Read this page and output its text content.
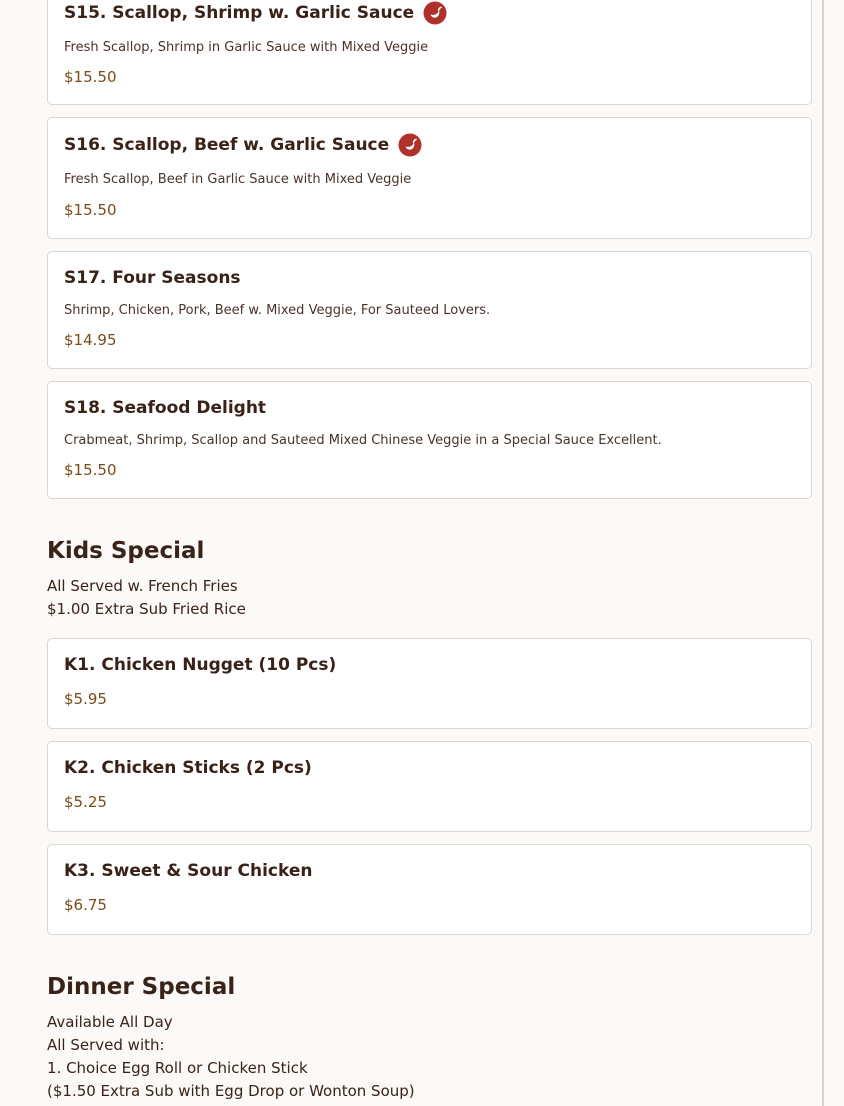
S15. Scallop, Shrimp w. Garlic Sauce
Fresh Scallop, Shrimp in Garlic Sauce with Mixed Veggie
$15.50
S16. Scallop, Beef w. Garlic Sauce
Fresh Scallop, Beef in Garlic Sauce with Mixed Veggie
$15.50
S17. Four Seasons
Shrimp, Chicken, Pork, Beef w. Mixed Veggie, For Sauteed Lovers.
$14.95
S18. Seafood Delight
Crabmeat, Shrimp, Scallop and Sauteed Mixed Chinese Veggie in a Special Sauce Excellent.
$15.50
Kids Special
All Served w. French Fries
$1.00 Extra Sub Fried Rice
K1. Chicken Nugget (10 Pcs)
$5.95
K2. Chicken Sticks (2 Pcs)
$5.25
K3. Sweet & Sour Chicken
$6.75
Dinner Special
Available All Day
All Served with:
1. Choice Egg Roll or Chicken Stick
($1.50 Extra Sub with Egg Drop or Wonton Soup)
